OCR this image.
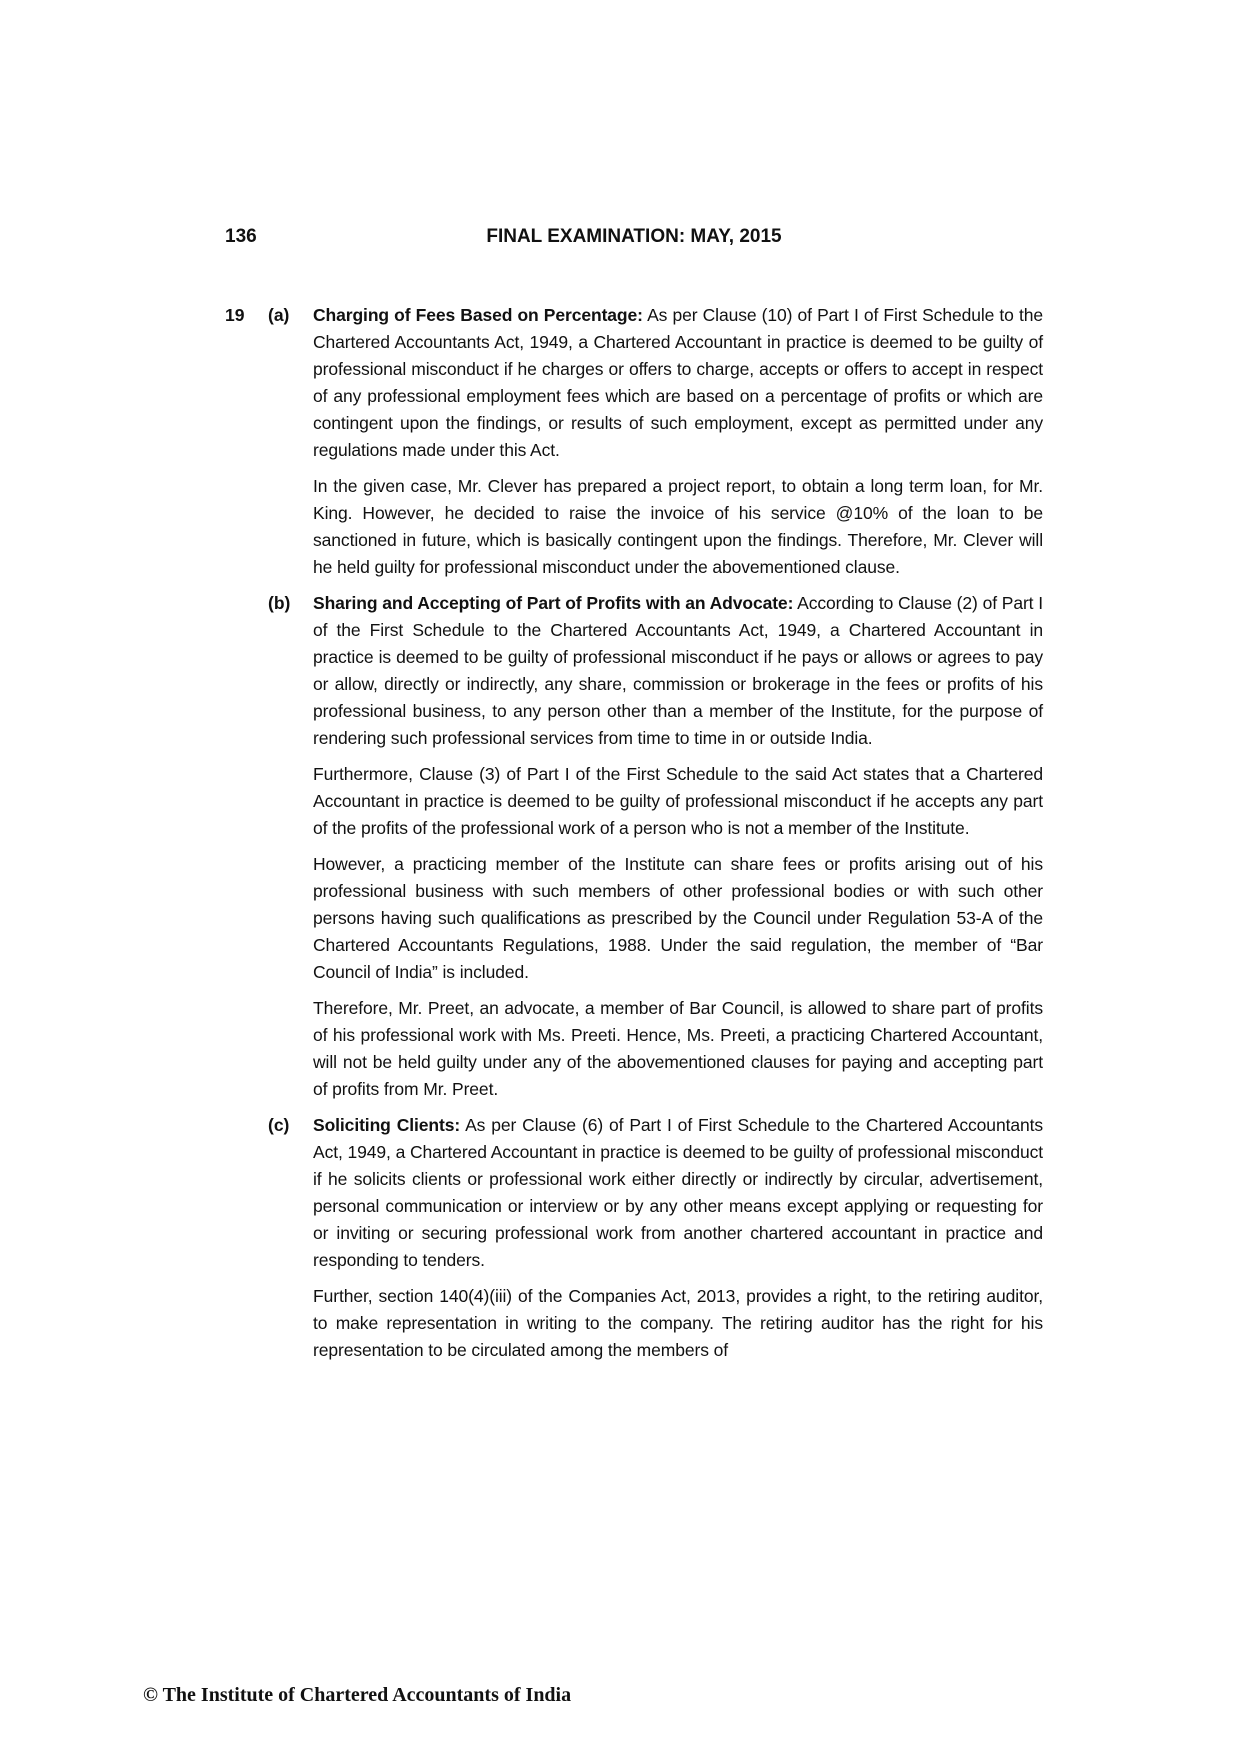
136	FINAL EXAMINATION: MAY, 2015
19 (a) Charging of Fees Based on Percentage: As per Clause (10) of Part I of First Schedule to the Chartered Accountants Act, 1949, a Chartered Accountant in practice is deemed to be guilty of professional misconduct if he charges or offers to charge, accepts or offers to accept in respect of any professional employment fees which are based on a percentage of profits or which are contingent upon the findings, or results of such employment, except as permitted under any regulations made under this Act.

In the given case, Mr. Clever has prepared a project report, to obtain a long term loan, for Mr. King. However, he decided to raise the invoice of his service @10% of the loan to be sanctioned in future, which is basically contingent upon the findings. Therefore, Mr. Clever will he held guilty for professional misconduct under the abovementioned clause.

(b) Sharing and Accepting of Part of Profits with an Advocate: According to Clause (2) of Part I of the First Schedule to the Chartered Accountants Act, 1949, a Chartered Accountant in practice is deemed to be guilty of professional misconduct if he pays or allows or agrees to pay or allow, directly or indirectly, any share, commission or brokerage in the fees or profits of his professional business, to any person other than a member of the Institute, for the purpose of rendering such professional services from time to time in or outside India.

Furthermore, Clause (3) of Part I of the First Schedule to the said Act states that a Chartered Accountant in practice is deemed to be guilty of professional misconduct if he accepts any part of the profits of the professional work of a person who is not a member of the Institute.

However, a practicing member of the Institute can share fees or profits arising out of his professional business with such members of other professional bodies or with such other persons having such qualifications as prescribed by the Council under Regulation 53-A of the Chartered Accountants Regulations, 1988. Under the said regulation, the member of “Bar Council of India” is included.

Therefore, Mr. Preet, an advocate, a member of Bar Council, is allowed to share part of profits of his professional work with Ms. Preeti. Hence, Ms. Preeti, a practicing Chartered Accountant, will not be held guilty under any of the abovementioned clauses for paying and accepting part of profits from Mr. Preet.

(c) Soliciting Clients: As per Clause (6) of Part I of First Schedule to the Chartered Accountants Act, 1949, a Chartered Accountant in practice is deemed to be guilty of professional misconduct if he solicits clients or professional work either directly or indirectly by circular, advertisement, personal communication or interview or by any other means except applying or requesting for or inviting or securing professional work from another chartered accountant in practice and responding to tenders.

Further, section 140(4)(iii) of the Companies Act, 2013, provides a right, to the retiring auditor, to make representation in writing to the company. The retiring auditor has the right for his representation to be circulated among the members of

© The Institute of Chartered Accountants of India
